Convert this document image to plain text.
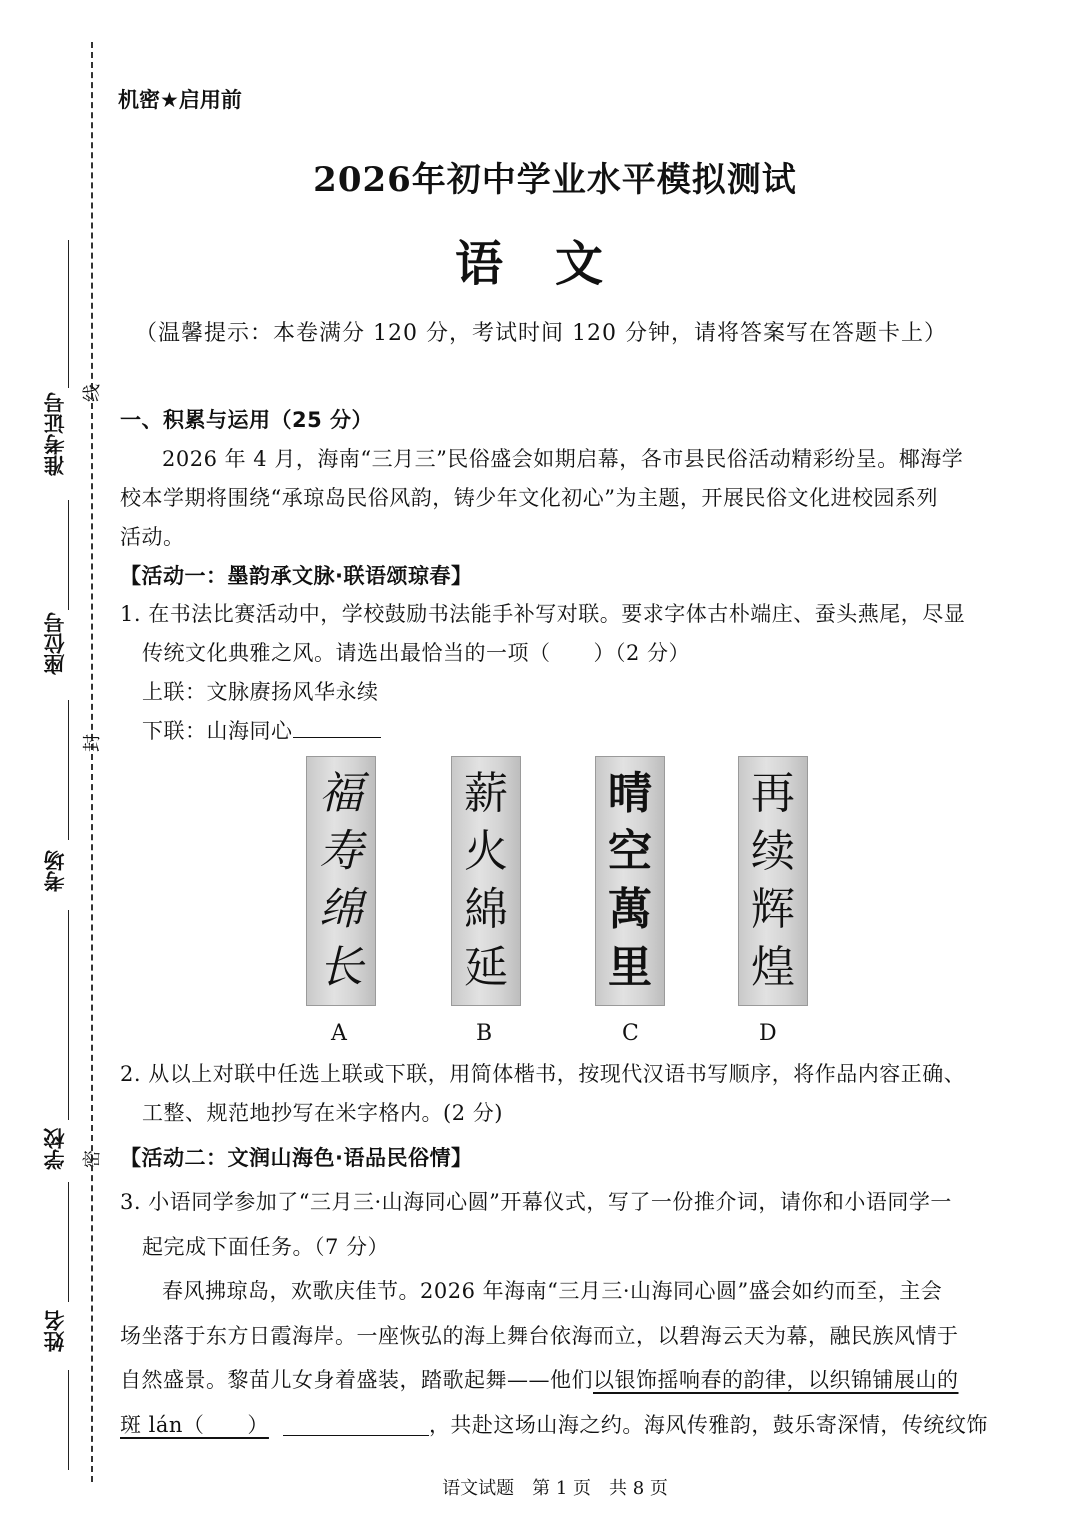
准考证号 线
座位号
封
考场
学校 密
姓名
机密★启用前
2026年初中学业水平模拟测试
语文
（温馨提示：本卷满分 120 分，考试时间 120 分钟，请将答案写在答题卡上）
一、积累与运用（25 分）
2026 年 4 月，海南“三月三”民俗盛会如期启幕，各市县民俗活动精彩纷呈。椰海学
校本学期将围绕“承琼岛民俗风韵，铸少年文化初心”为主题，开展民俗文化进校园系列
活动。
【活动一：墨韵承文脉·联语颂琼春】
1. 在书法比赛活动中，学校鼓励书法能手补写对联。要求字体古朴端庄、蚕头燕尾，尽显
传统文化典雅之风。请选出最恰当的一项（　　）（2 分）
上联：文脉赓扬风华永续
下联：山海同心
福
寿
绵
长
薪
火
綿
延
晴
空
萬
里
再
续
辉
煌
A	B	C	D
2. 从以上对联中任选上联或下联，用简体楷书，按现代汉语书写顺序，将作品内容正确、
工整、规范地抄写在米字格内。(2 分)
【活动二：文润山海色·语品民俗情】
3. 小语同学参加了“三月三·山海同心圆”开幕仪式，写了一份推介词，请你和小语同学一
起完成下面任务。（7 分）
春风拂琼岛，欢歌庆佳节。2026 年海南“三月三·山海同心圆”盛会如约而至，主会
场坐落于东方日霞海岸。一座恢弘的海上舞台依海而立，以碧海云天为幕，融民族风情于
自然盛景。黎苗儿女身着盛装，踏歌起舞——他们以银饰摇响春的韵律，以织锦铺展山的
斑 lán（　　）	，共赴这场山海之约。海风传雅韵，鼓乐寄深情，传统纹饰
语文试题　第 1 页　共 8 页
